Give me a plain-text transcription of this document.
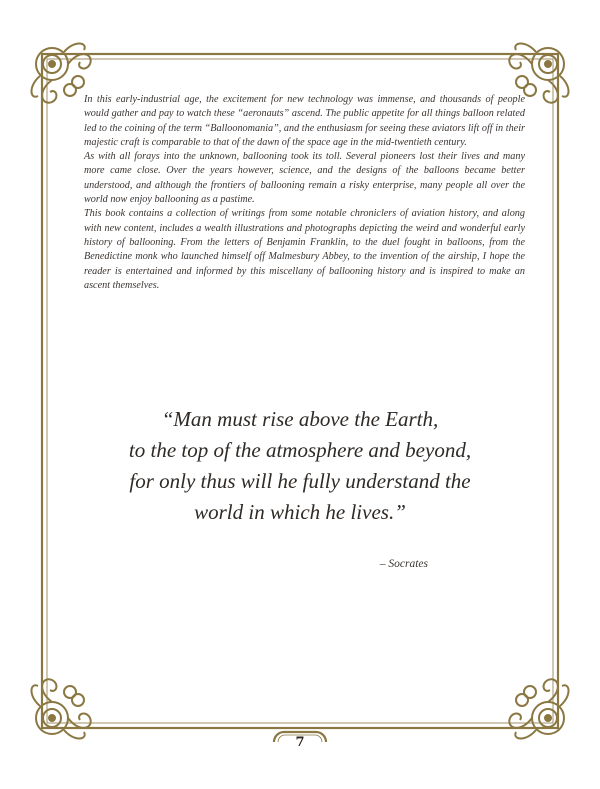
In this early-industrial age, the excitement for new technology was immense, and thousands of people would gather and pay to watch these “aeronauts” ascend. The public appetite for all things balloon related led to the coining of the term “Balloonomania”, and the enthusiasm for seeing these aviators lift off in their majestic craft is comparable to that of the dawn of the space age in the mid-twentieth century.

As with all forays into the unknown, ballooning took its toll. Several pioneers lost their lives and many more came close. Over the years however, science, and the designs of the balloons became better understood, and although the frontiers of ballooning remain a risky enterprise, many people all over the world now enjoy ballooning as a pastime.

This book contains a collection of writings from some notable chroniclers of aviation history, and along with new content, includes a wealth illustrations and photographs depicting the weird and wonderful early history of ballooning. From the letters of Benjamin Franklin, to the duel fought in balloons, from the Benedictine monk who launched himself off Malmesbury Abbey, to the invention of the airship, I hope the reader is entertained and informed by this miscellany of ballooning history and is inspired to make an ascent themselves.

“Man must rise above the Earth,
to the top of the atmosphere and beyond,
for only thus will he fully understand the
world in which he lives.”
– Socrates
7
